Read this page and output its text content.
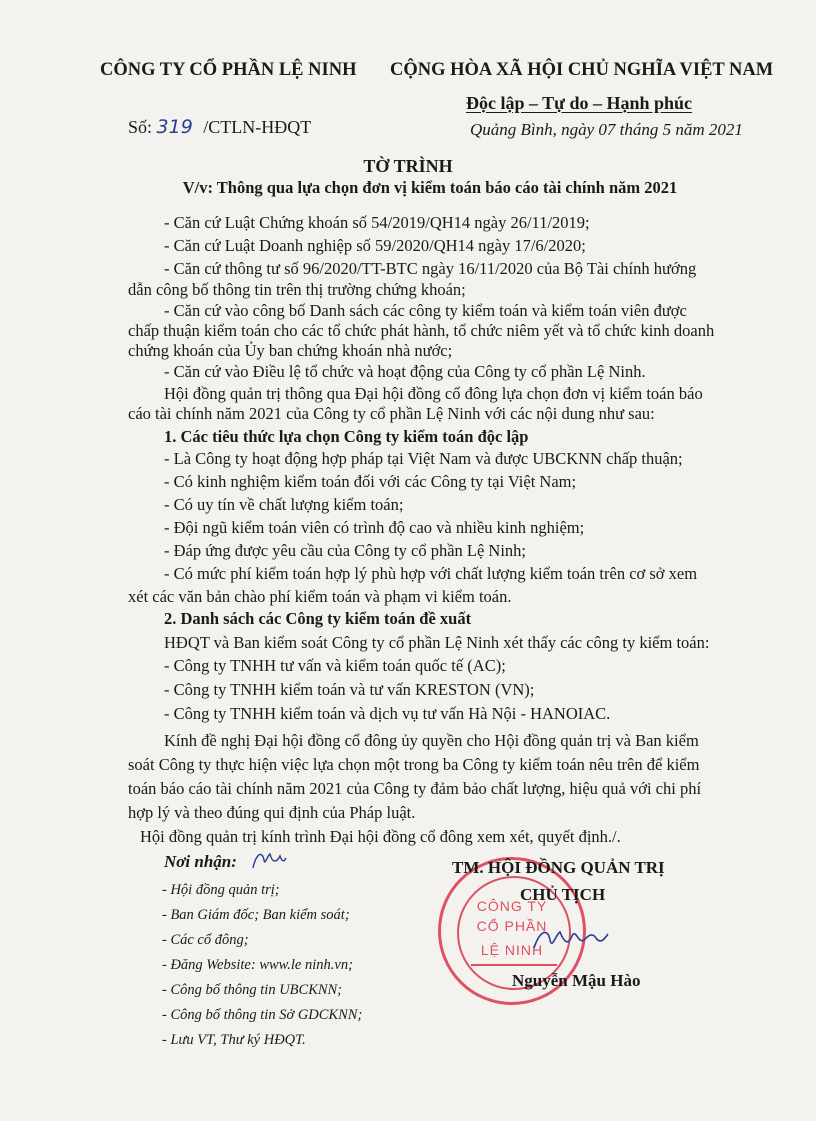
CÔNG TY CỔ PHẦN LỆ NINH CỘNG HÒA XÃ HỘI CHỦ NGHĨA VIỆT NAM
Độc lập – Tự do – Hạnh phúc
Số: 319 /CTLN-HĐQT	Quảng Bình, ngày 07 tháng 5 năm 2021
TỜ TRÌNH
V/v: Thông qua lựa chọn đơn vị kiểm toán báo cáo tài chính năm 2021
- Căn cứ Luật Chứng khoán số 54/2019/QH14 ngày 26/11/2019;
- Căn cứ Luật Doanh nghiệp số 59/2020/QH14 ngày 17/6/2020;
- Căn cứ thông tư số 96/2020/TT-BTC ngày 16/11/2020 của Bộ Tài chính hướng
dẫn công bố thông tin trên thị trường chứng khoán;
- Căn cứ vào công bố Danh sách các công ty kiểm toán và kiểm toán viên được
chấp thuận kiểm toán cho các tổ chức phát hành, tổ chức niêm yết và tổ chức kinh doanh
chứng khoán của Ủy ban chứng khoán nhà nước;
- Căn cứ vào Điều lệ tổ chức và hoạt động của Công ty cổ phần Lệ Ninh.
Hội đồng quản trị thông qua Đại hội đồng cổ đông lựa chọn đơn vị kiểm toán báo
cáo tài chính năm 2021 của Công ty cổ phần Lệ Ninh với các nội dung như sau:
1. Các tiêu thức lựa chọn Công ty kiểm toán độc lập
- Là Công ty hoạt động hợp pháp tại Việt Nam và được UBCKNN chấp thuận;
- Có kinh nghiệm kiểm toán đối với các Công ty tại Việt Nam;
- Có uy tín về chất lượng kiểm toán;
- Đội ngũ kiểm toán viên có trình độ cao và nhiều kinh nghiệm;
- Đáp ứng được yêu cầu của Công ty cổ phần Lệ Ninh;
- Có mức phí kiểm toán hợp lý phù hợp với chất lượng kiểm toán trên cơ sở xem
xét các văn bản chào phí kiểm toán và phạm vi kiểm toán.
2. Danh sách các Công ty kiểm toán đề xuất
HĐQT và Ban kiểm soát Công ty cổ phần Lệ Ninh xét thấy các công ty kiểm toán:
- Công ty TNHH tư vấn và kiểm toán quốc tế (AC);
- Công ty TNHH kiểm toán và tư vấn KRESTON (VN);
- Công ty TNHH kiểm toán và dịch vụ tư vấn Hà Nội - HANOIAC.
Kính đề nghị Đại hội đồng cổ đông ủy quyền cho Hội đồng quản trị và Ban kiểm
soát Công ty thực hiện việc lựa chọn một trong ba Công ty kiểm toán nêu trên để kiểm
toán báo cáo tài chính năm 2021 của Công ty đảm bảo chất lượng, hiệu quả với chi phí
hợp lý và theo đúng qui định của Pháp luật.
Hội đồng quản trị kính trình Đại hội đồng cổ đông xem xét, quyết định./.
Nơi nhận:
- Hội đồng quản trị;
- Ban Giám đốc; Ban kiểm soát;
- Các cổ đông;
- Đăng Website: www.le ninh.vn;
- Công bố thông tin UBCKNN;
- Công bố thông tin Sở GDCKNN;
- Lưu VT, Thư ký HĐQT.
CÔNG TY
CỔ PHẦN
LỆ NINH
TM. HỘI ĐỒNG QUẢN TRỊ
CHỦ TỊCH
Nguyễn Mậu Hào
